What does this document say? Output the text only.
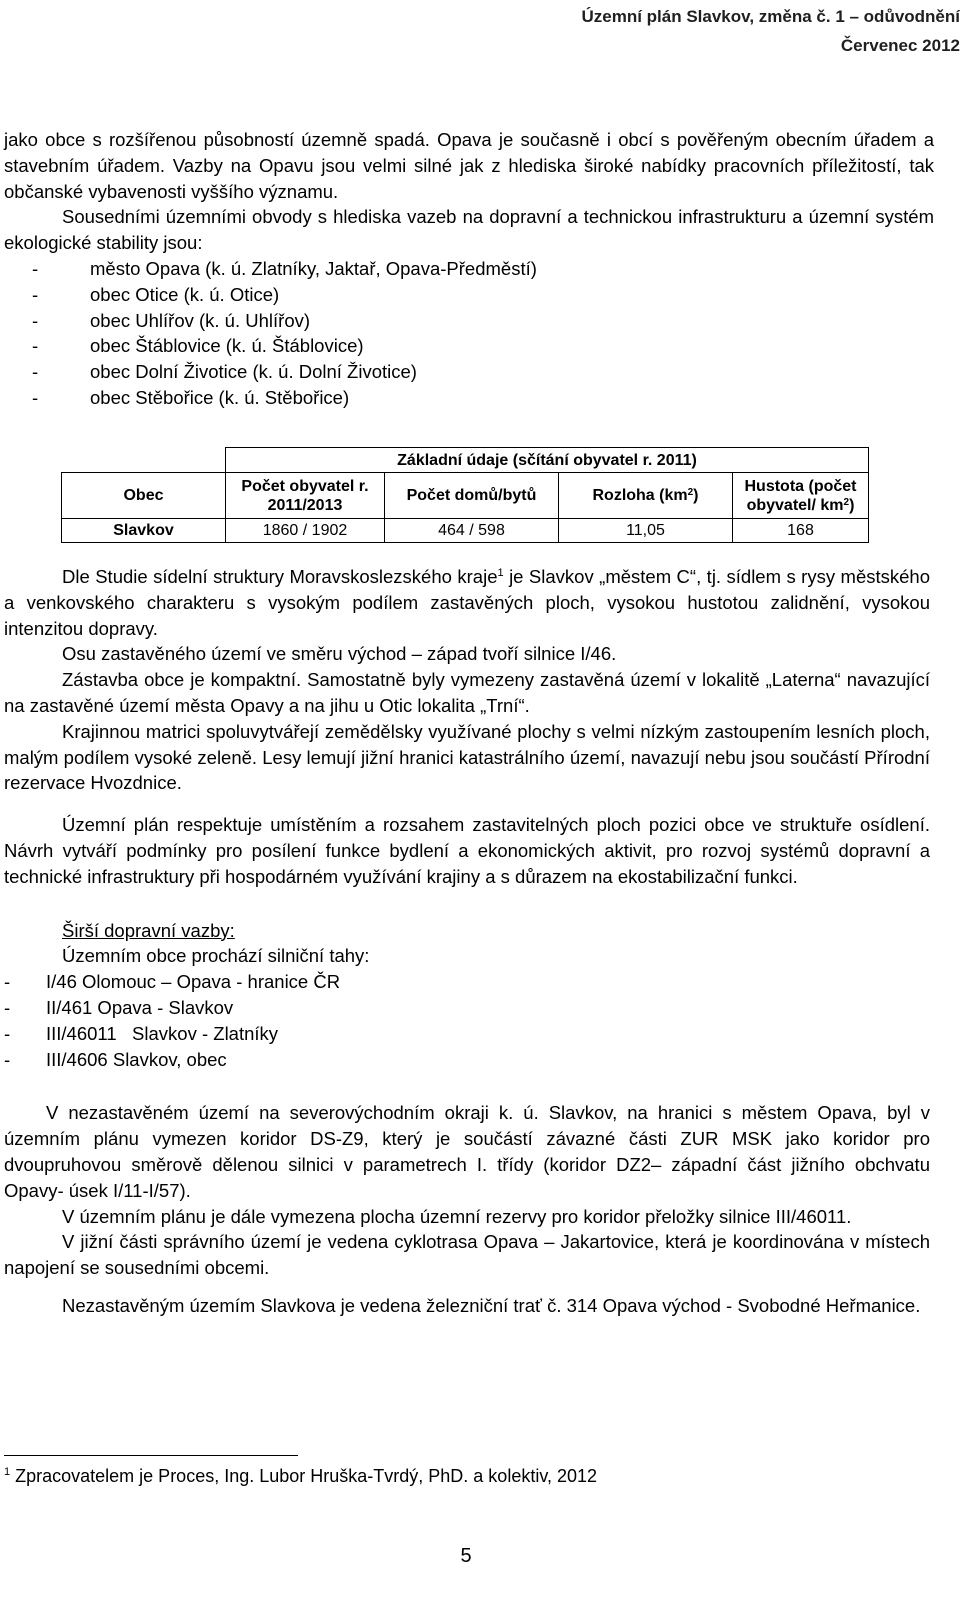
Územní plán Slavkov, změna č. 1 – odůvodnění
Červenec 2012

jako obce s rozšířenou působností územně spadá. Opava je současně i obcí s pověřeným obecním úřadem a stavebním úřadem. Vazby na Opavu jsou velmi silné jak z hlediska široké nabídky pracovních příležitostí, tak občanské vybavenosti vyššího významu.

Sousedními územními obvody s hlediska vazeb na dopravní a technickou infrastrukturu a územní systém ekologické stability jsou:

- město Opava (k. ú. Zlatníky, Jaktař, Opava-Předměstí)
- obec Otice (k. ú. Otice)
- obec Uhlířov (k. ú. Uhlířov)
- obec Štáblovice (k. ú. Štáblovice)
- obec Dolní Životice (k. ú. Dolní Životice)
- obec Stěbořice (k. ú. Stěbořice)
	Základní údaje (sčítání obyvatel r. 2011)			
Obec	Počet obyvatel r. 2011/2013	Počet domů/bytů	Rozloha $(km^2)$	Hustota (počet obyvatel/ $km^2$)
Slavkov	1860 / 1902	464 / 598	11,05	168

Dle Studie sídelní struktury Moravskoslezského kraje$^1$ je Slavkov „městem C“, tj. sídlem s rysy městského a venkovského charakteru s vysokým podílem zastavěných ploch, vysokou hustotou zalidnění, vysokou intenzitou dopravy.

Osu zastavěného území ve směru východ – západ tvoří silnice I/46.

Zástavba obce je kompaktní. Samostatně byly vymezeny zastavěná území v lokalitě „Laterna“ navazující na zastavěné území města Opavy a na jihu u Otic lokalita „Trní“.

Krajinnou matrici spoluvytvářejí zemědělsky využívané plochy s velmi nízkým zastoupením lesních ploch, malým podílem vysoké zeleně. Lesy lemují jižní hranici katastrálního území, navazují nebu jsou součástí Přírodní rezervace Hvozdnice.

Územní plán respektuje umístěním a rozsahem zastavitelných ploch pozici obce ve struktuře osídlení. Návrh vytváří podmínky pro posílení funkce bydlení a ekonomických aktivit, pro rozvoj systémů dopravní a technické infrastruktury při hospodárném využívání krajiny a s důrazem na ekostabilizační funkci.

Širší dopravní vazby:

Územním obce prochází silniční tahy:

- I/46 Olomouc – Opava - hranice ČR
- II/461 Opava - Slavkov
- III/46011   Slavkov - Zlatníky
- III/4606 Slavkov, obec

V nezastavěném území na severovýchodním okraji k. ú. Slavkov, na hranici s městem Opava, byl v územním plánu vymezen koridor DS-Z9, který je součástí závazné části ZUR MSK jako koridor pro dvoupruhovou směrově dělenou silnici v parametrech I. třídy (koridor DZ2– západní část jižního obchvatu Opavy- úsek I/11-I/57).

V územním plánu je dále vymezena plocha územní rezervy pro koridor přeložky silnice III/46011.

V jižní části správního území je vedena cyklotrasa Opava – Jakartovice, která je koordinována v místech napojení se sousedními obcemi.

Nezastavěným územím Slavkova je vedena železniční trať č. 314 Opava východ - Svobodné Heřmanice.

$^1$ Zpracovatelem je Proces, Ing. Lubor Hruška-Tvrdý, PhD. a kolektiv, 2012
5
